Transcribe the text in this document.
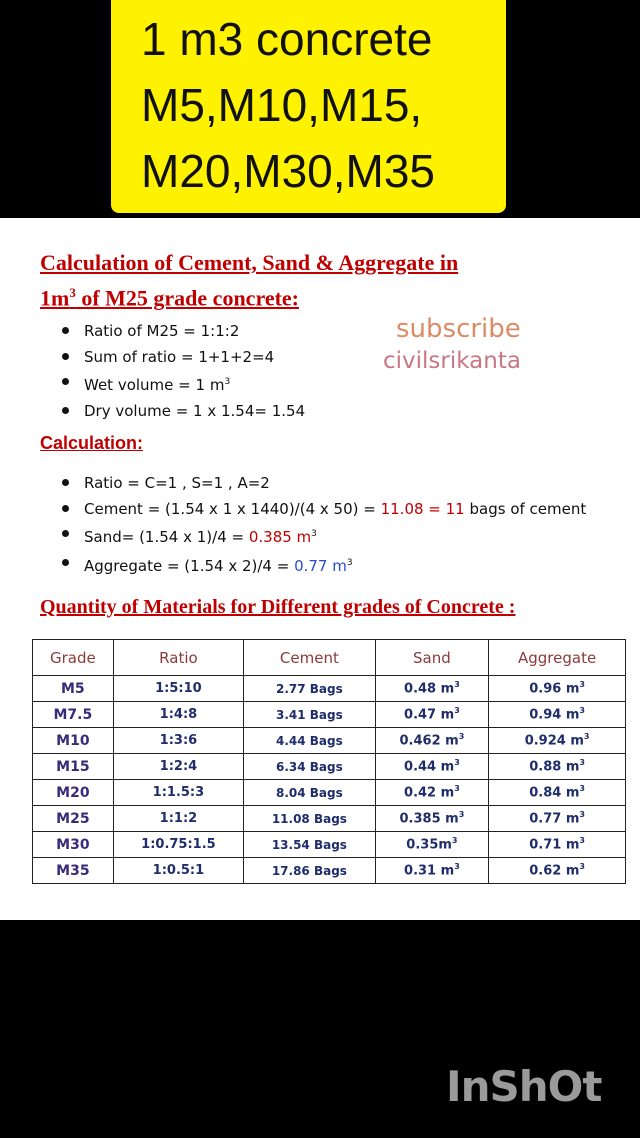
1 m3 concrete
M5,M10,M15,
M20,M30,M35
Calculation of Cement, Sand & Aggregate in
$1m^3$ of M25 grade concrete:
Ratio of M25 = 1:1:2
Sum of ratio = 1+1+2=4
Wet volume = 1 $m^3$
Dry volume = 1 x 1.54= 1.54
subscribe
civilsrikanta
Calculation:
Ratio = C=1 , S=1 , A=2
Cement = (1.54 x 1 x 1440)/(4 x 50) = 11.08 = 11 bags of cement
Sand= (1.54 x 1)/4 = 0.385 $m^3$
Aggregate = (1.54 x 2)/4 = 0.77 $m^3$
Quantity of Materials for Different grades of Concrete :
Grade	Ratio	Cement	Sand	Aggregate
M5	1:5:10	2.77 Bags	0.48 $m^3$	0.96 $m^3$
M7.5	1:4:8	3.41 Bags	0.47 $m^3$	0.94 $m^3$
M10	1:3:6	4.44 Bags	0.462 $m^3$	0.924 $m^3$
M15	1:2:4	6.34 Bags	0.44 $m^3$	0.88 $m^3$
M20	1:1.5:3	8.04 Bags	0.42 $m^3$	0.84 $m^3$
M25	1:1:2	11.08 Bags	0.385 $m^3$	0.77 $m^3$
M30	1:0.75:1.5	13.54 Bags	$0.35m^3$	0.71 $m^3$
M35	1:0.5:1	17.86 Bags	0.31 $m^3$	0.62 $m^3$
InShOt
